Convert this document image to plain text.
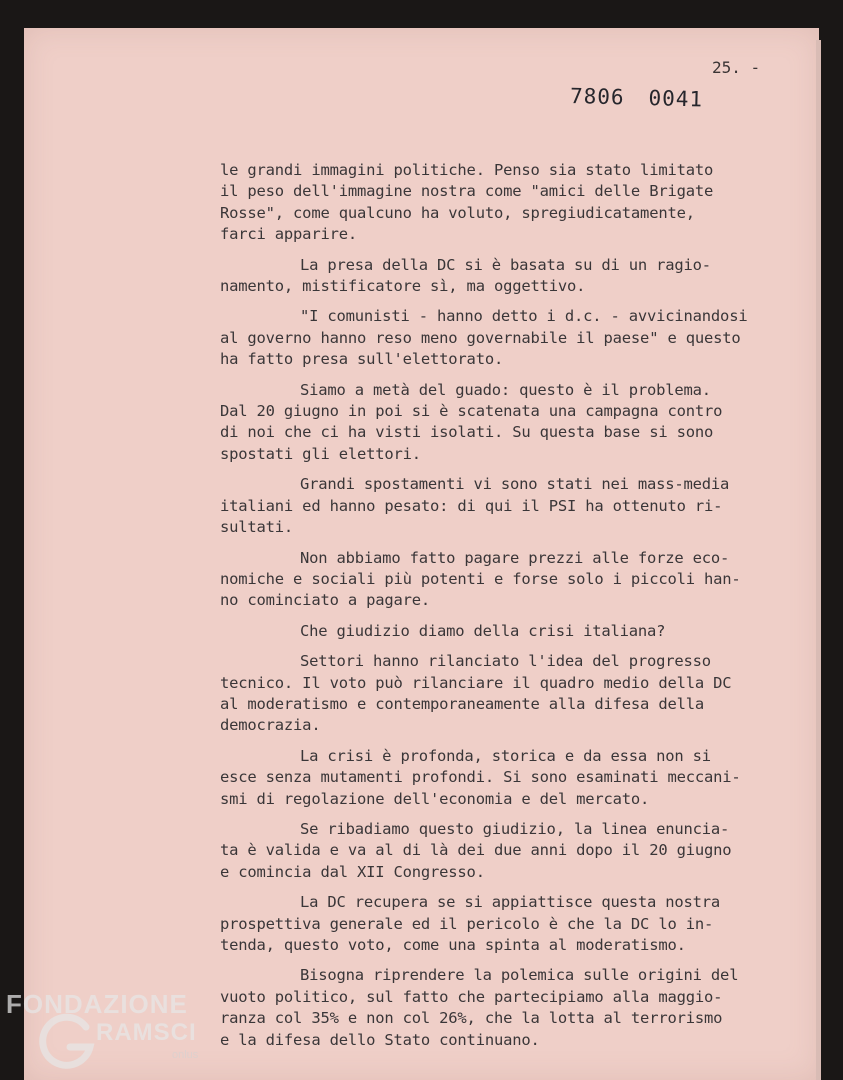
25. -
7806 0041

le grandi immagini politiche. Penso sia stato limitato
il peso dell'immagine nostra come "amici delle Brigate
Rosse", come qualcuno ha voluto, spregiudicatamente,
farci apparire.

La presa della DC si è basata su di un ragio-
namento, mistificatore sì, ma oggettivo.

"I comunisti - hanno detto i d.c. - avvicinandosi
al governo hanno reso meno governabile il paese" e questo
ha fatto presa sull'elettorato.

Siamo a metà del guado: questo è il problema.
Dal 20 giugno in poi si è scatenata una campagna contro
di noi che ci ha visti isolati. Su questa base si sono
spostati gli elettori.

Grandi spostamenti vi sono stati nei mass-media
italiani ed hanno pesato: di qui il PSI ha ottenuto ri-
sultati.

Non abbiamo fatto pagare prezzi alle forze eco-
nomiche e sociali più potenti e forse solo i piccoli han-
no cominciato a pagare.

Che giudizio diamo della crisi italiana?

Settori hanno rilanciato l'idea del progresso
tecnico. Il voto può rilanciare il quadro medio della DC
al moderatismo e contemporaneamente alla difesa della
democrazia.

La crisi è profonda, storica e da essa non si
esce senza mutamenti profondi. Si sono esaminati meccani-
smi di regolazione dell'economia e del mercato.

Se ribadiamo questo giudizio, la linea enuncia-
ta è valida e va al di là dei due anni dopo il 20 giugno
e comincia dal XII Congresso.

La DC recupera se si appiattisce questa nostra
prospettiva generale ed il pericolo è che la DC lo in-
tenda, questo voto, come una spinta al moderatismo.

Bisogna riprendere la polemica sulle origini del
vuoto politico, sul fatto che partecipiamo alla maggio-
ranza col 35% e non col 26%, che la lotta al terrorismo
e la difesa dello Stato continuano.

FONDAZIONE
RAMSCI
onlus
